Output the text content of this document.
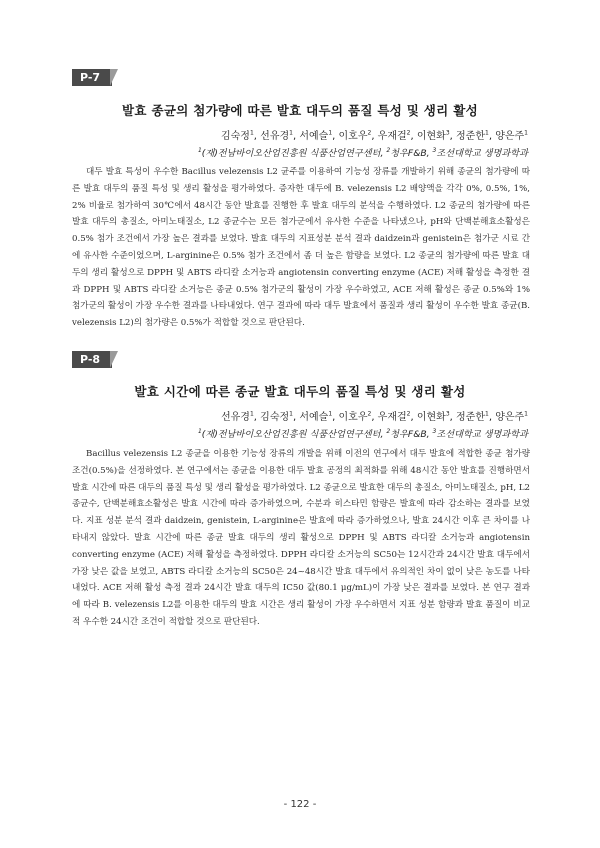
P-7
발효 종균의 첨가량에 따른 발효 대두의 품질 특성 및 생리 활성
김숙정$^1$, 선유경$^1$, 서예슬$^1$, 이호우$^2$, 우재걸$^2$, 이현화$^3$, 정준한$^1$, 양은주$^1$
$^1$(재)전남바이오산업진흥원 식품산업연구센터, $^2$청우F&B, $^3$조선대학교 생명과학과

대두 발효 특성이 우수한 Bacillus velezensis L2 균주를 이용하여 기능성 장류를 개발하기 위해 종균의 첨가량에 따른 발효 대두의 품질 특성 및 생리 활성을 평가하였다. 증자한 대두에 B. velezensis L2 배양액을 각각 0%, 0.5%, 1%, 2% 비율로 첨가하여 30℃에서 48시간 동안 발효를 진행한 후 발효 대두의 분석을 수행하였다. L2 종균의 첨가량에 따른 발효 대두의 총질소, 아미노태질소, L2 종균수는 모든 첨가군에서 유사한 수준을 나타냈으나, pH와 단백분해효소활성은 0.5% 첨가 조건에서 가장 높은 결과를 보였다. 발효 대두의 지표성분 분석 결과 daidzein과 genistein은 첨가군 시료 간에 유사한 수준이었으며, L-arginine은 0.5% 첨가 조건에서 좀 더 높은 함량을 보였다. L2 종균의 첨가량에 따른 발효 대두의 생리 활성으로 DPPH 및 ABTS 라디칼 소거능과 angiotensin converting enzyme (ACE) 저해 활성을 측정한 결과 DPPH 및 ABTS 라디칼 소거능은 종균 0.5% 첨가군의 활성이 가장 우수하였고, ACE 저해 활성은 종균 0.5%와 1% 첨가군의 활성이 가장 우수한 결과를 나타내었다. 연구 결과에 따라 대두 발효에서 품질과 생리 활성이 우수한 발효 종균(B. velezensis L2)의 첨가량은 0.5%가 적합할 것으로 판단된다.

P-8
발효 시간에 따른 종균 발효 대두의 품질 특성 및 생리 활성
선유경$^1$, 김숙정$^1$, 서예슬$^1$, 이호우$^2$, 우재걸$^2$, 이현화$^3$, 정준한$^1$, 양은주$^1$
$^1$(재)전남바이오산업진흥원 식품산업연구센터, $^2$청우F&B, $^3$조선대학교 생명과학과

Bacillus velezensis L2 종균을 이용한 기능성 장류의 개발을 위해 이전의 연구에서 대두 발효에 적합한 종균 첨가량 조건(0.5%)을 선정하였다. 본 연구에서는 종균을 이용한 대두 발효 공정의 최적화를 위해 48시간 동안 발효를 진행하면서 발효 시간에 따른 대두의 품질 특성 및 생리 활성을 평가하였다. L2 종균으로 발효한 대두의 총질소, 아미노태질소, pH, L2 종균수, 단백분해효소활성은 발효 시간에 따라 증가하였으며, 수분과 히스타민 함량은 발효에 따라 감소하는 결과를 보였다. 지표 성분 분석 결과 daidzein, genistein, L-arginine은 발효에 따라 증가하였으나, 발효 24시간 이후 큰 차이를 나타내지 않았다. 발효 시간에 따른 종균 발효 대두의 생리 활성으로 DPPH 및 ABTS 라디칼 소거능과 angiotensin converting enzyme (ACE) 저해 활성을 측정하였다. DPPH 라디칼 소거능의 SC50는 12시간과 24시간 발효 대두에서 가장 낮은 값을 보였고, ABTS 라디칼 소거능의 SC50은 24~48시간 발효 대두에서 유의적인 차이 없이 낮은 농도를 나타내었다. ACE 저해 활성 측정 결과 24시간 발효 대두의 IC50 값(80.1 μg/mL)이 가장 낮은 결과를 보였다. 본 연구 결과에 따라 B. velezensis L2를 이용한 대두의 발효 시간은 생리 활성이 가장 우수하면서 지표 성분 함량과 발효 품질이 비교적 우수한 24시간 조건이 적합할 것으로 판단된다.

- 122 -
